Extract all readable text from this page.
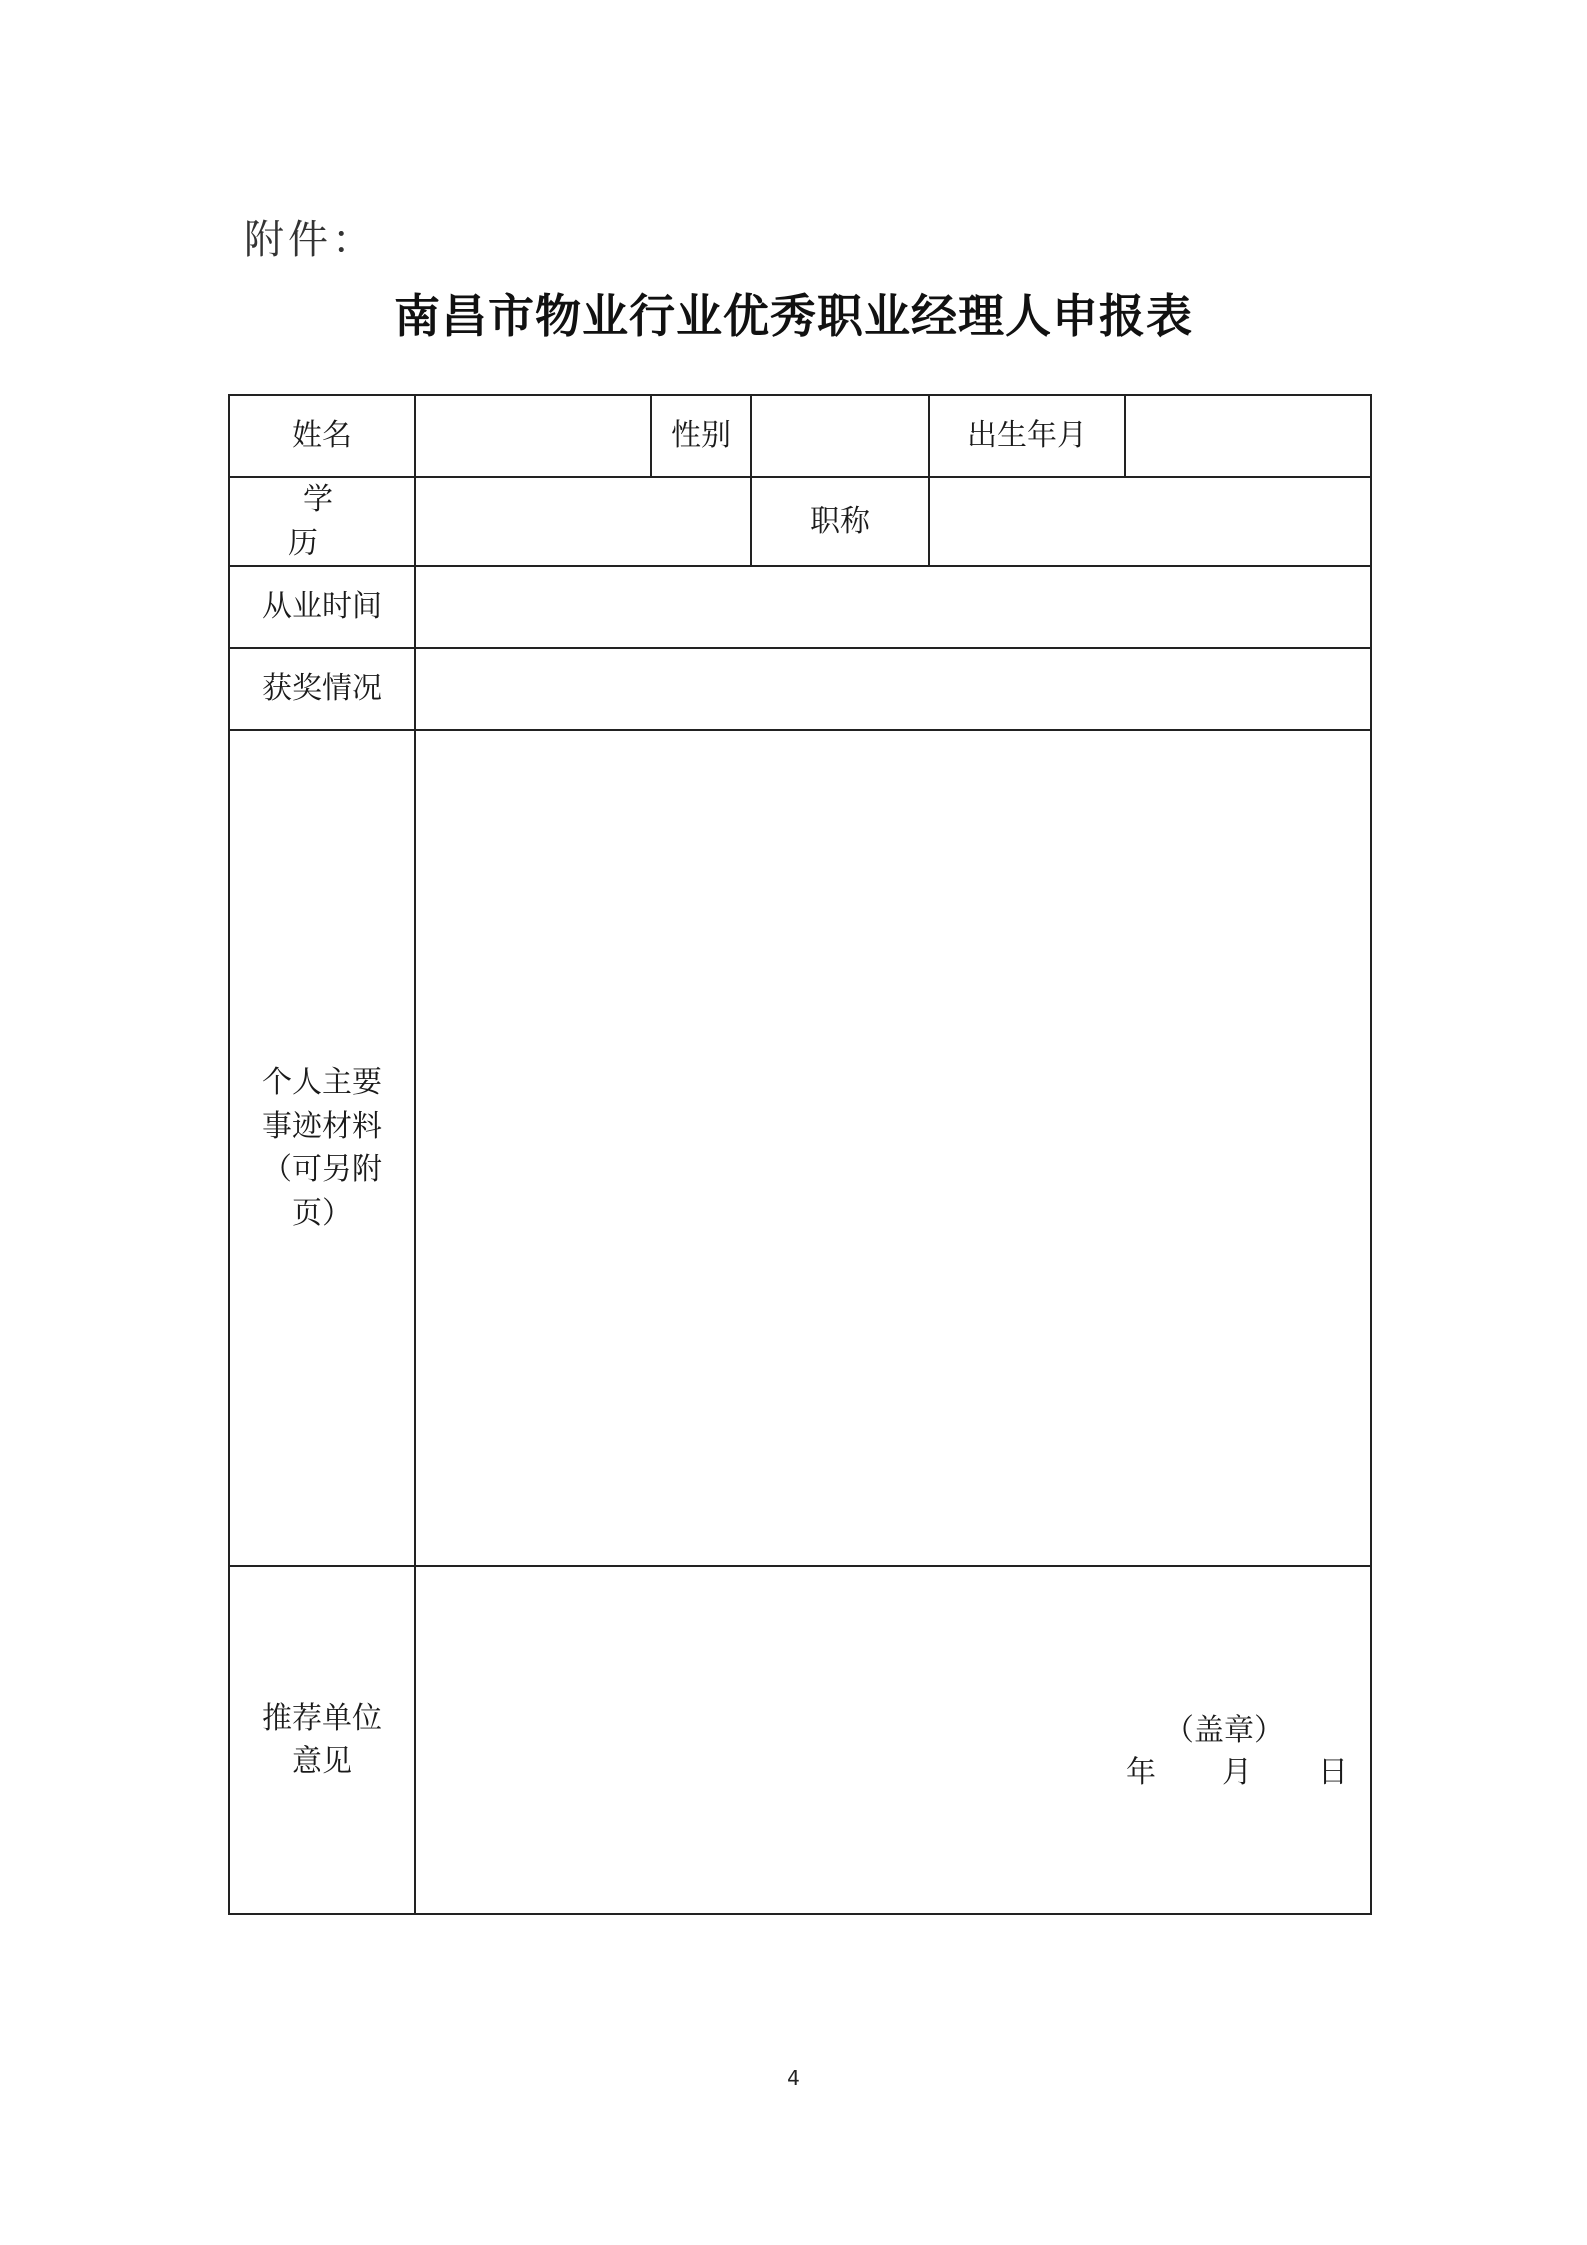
附件：
南昌市物业行业优秀职业经理人申报表
姓名		性别		出生年月	
学 历			职称		
从业时间					
获奖情况					
个人主要事迹材料（可另附页）					
推荐单位意见	（盖章）
年 月 日				
4
